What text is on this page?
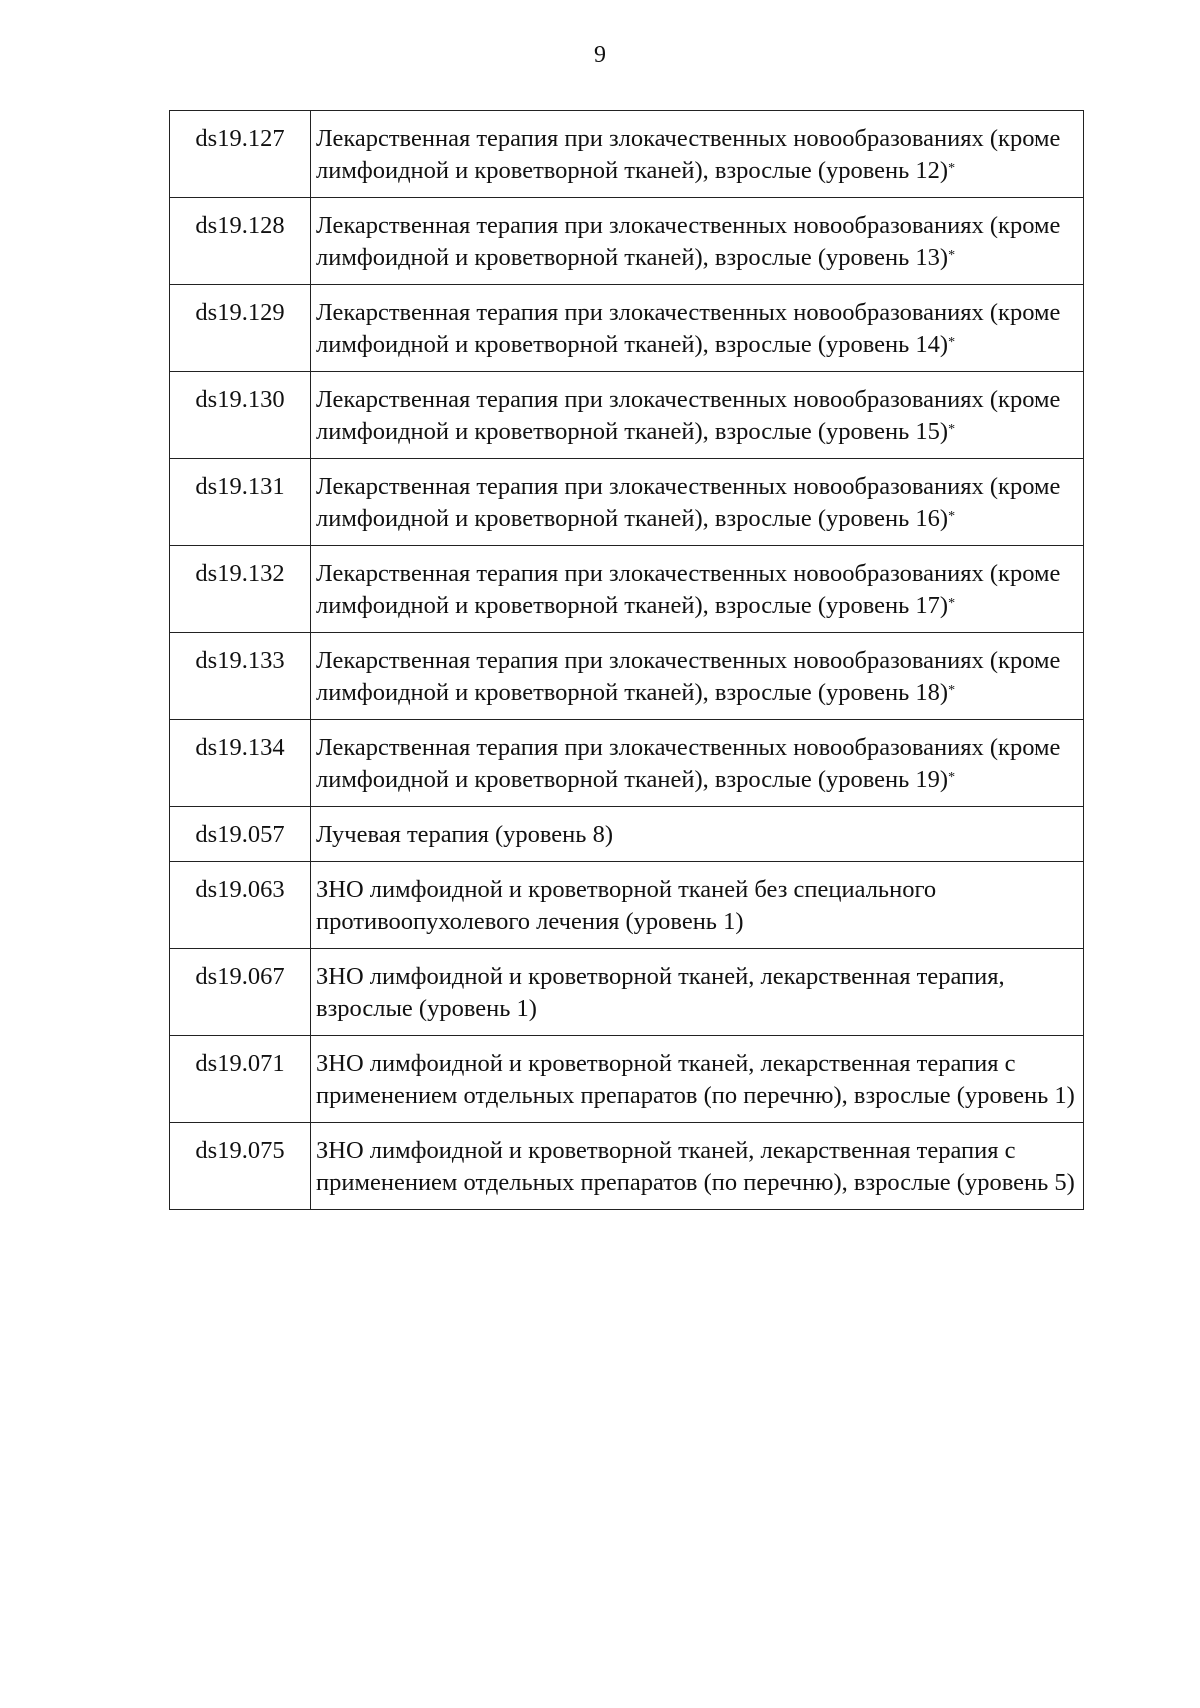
9
ds19.127	Лекарственная терапия при злокачественных новообразованиях (кроме лимфоидной и кроветворной тканей), взрослые (уровень 12)*
ds19.128	Лекарственная терапия при злокачественных новообразованиях (кроме лимфоидной и кроветворной тканей), взрослые (уровень 13)*
ds19.129	Лекарственная терапия при злокачественных новообразованиях (кроме лимфоидной и кроветворной тканей), взрослые (уровень 14)*
ds19.130	Лекарственная терапия при злокачественных новообразованиях (кроме лимфоидной и кроветворной тканей), взрослые (уровень 15)*
ds19.131	Лекарственная терапия при злокачественных новообразованиях (кроме лимфоидной и кроветворной тканей), взрослые (уровень 16)*
ds19.132	Лекарственная терапия при злокачественных новообразованиях (кроме лимфоидной и кроветворной тканей), взрослые (уровень 17)*
ds19.133	Лекарственная терапия при злокачественных новообразованиях (кроме лимфоидной и кроветворной тканей), взрослые (уровень 18)*
ds19.134	Лекарственная терапия при злокачественных новообразованиях (кроме лимфоидной и кроветворной тканей), взрослые (уровень 19)*
ds19.057	Лучевая терапия (уровень 8)
ds19.063	ЗНО лимфоидной и кроветворной тканей без специального противоопухолевого лечения (уровень 1)
ds19.067	ЗНО лимфоидной и кроветворной тканей, лекарственная терапия, взрослые (уровень 1)
ds19.071	ЗНО лимфоидной и кроветворной тканей, лекарственная терапия с применением отдельных препаратов (по перечню), взрослые (уровень 1)
ds19.075	ЗНО лимфоидной и кроветворной тканей, лекарственная терапия с применением отдельных препаратов (по перечню), взрослые (уровень 5)
